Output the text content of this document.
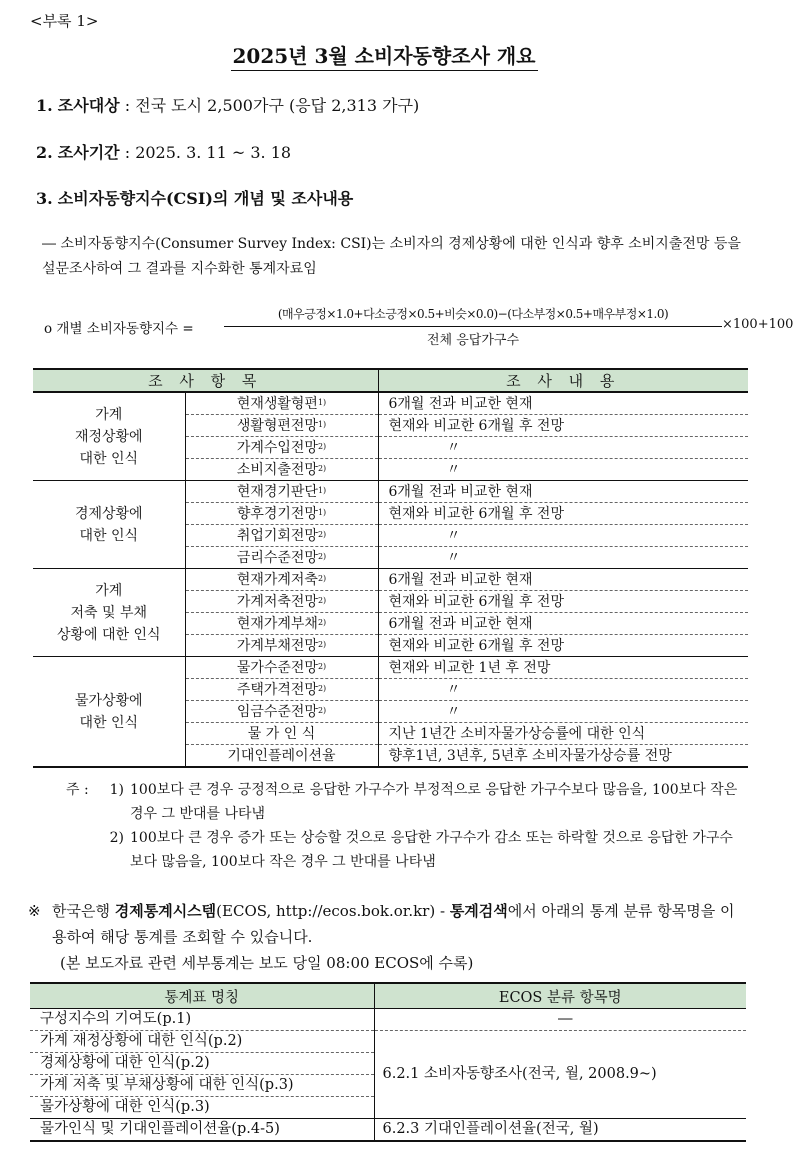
<부록 1>
2025년 3월 소비자동향조사 개요
1. 조사대상 : 전국 도시 2,500가구 (응답 2,313 가구)
2. 조사기간 : 2025. 3. 11 ~ 3. 18
3. 소비자동향지수(CSI)의 개념 및 조사내용
― 소비자동향지수(Consumer Survey Index: CSI)는 소비자의 경제상황에 대한 인식과 향후 소비지출전망 등을 설문조사하여 그 결과를 지수화한 통계자료임
o 개별 소비자동향지수 =
(매우긍정×1.0+다소긍정×0.5+비슷×0.0)−(다소부정×0.5+매우부정×1.0)
전체 응답가구수
×100+100
조 사 항 목		조 사 내 용

가계
재정상황에
대한 인식	현재생활형편$^{1)}$	6개월 전과 비교한 현재
	생활형편전망$^{1)}$	현재와 비교한 6개월 후 전망
	가계수입전망$^{2)}$	〃
	소비지출전망$^{2)}$	〃

경제상황에
대한 인식	현재경기판단$^{1)}$	6개월 전과 비교한 현재
	향후경기전망$^{1)}$	현재와 비교한 6개월 후 전망
	취업기회전망$^{2)}$	〃
	금리수준전망$^{2)}$	〃

가계
저축 및 부채
상황에 대한 인식	현재가계저축$^{2)}$	6개월 전과 비교한 현재
	가계저축전망$^{2)}$	현재와 비교한 6개월 후 전망
	현재가계부채$^{2)}$	6개월 전과 비교한 현재
	가계부채전망$^{2)}$	현재와 비교한 6개월 후 전망

물가상황에
대한 인식	물가수준전망$^{2)}$	현재와 비교한 1년 후 전망
	주택가격전망$^{2)}$	〃
	임금수준전망$^{2)}$	〃
	물 가 인 식	지난 1년간 소비자물가상승률에 대한 인식
	기대인플레이션율	향후1년, 3년후, 5년후 소비자물가상승률 전망
주 :	1) 100보다 큰 경우 긍정적으로 응답한 가구수가 부정적으로 응답한 가구수보다 많음을, 100보다 작은 경우 그 반대를 나타냄
2) 100보다 큰 경우 증가 또는 상승할 것으로 응답한 가구수가 감소 또는 하락할 것으로 응답한 가구수보다 많음을, 100보다 작은 경우 그 반대를 나타냄
※ 한국은행 경제통계시스템(ECOS, http://ecos.bok.or.kr) - 통계검색에서 아래의 통계 분류 항목명을 이용하여 해당 통계를 조회할 수 있습니다.
(본 보도자료 관련 세부통계는 보도 당일 08:00 ECOS에 수록)
통계표 명칭	ECOS 분류 항목명
구성지수의 기여도(p.1)	―
가계 재정상황에 대한 인식(p.2)	6.2.1 소비자동향조사(전국, 월, 2008.9~)
경제상황에 대한 인식(p.2)	
가계 저축 및 부채상황에 대한 인식(p.3)	
물가상황에 대한 인식(p.3)	
물가인식 및 기대인플레이션율(p.4-5)	6.2.3 기대인플레이션율(전국, 월)
